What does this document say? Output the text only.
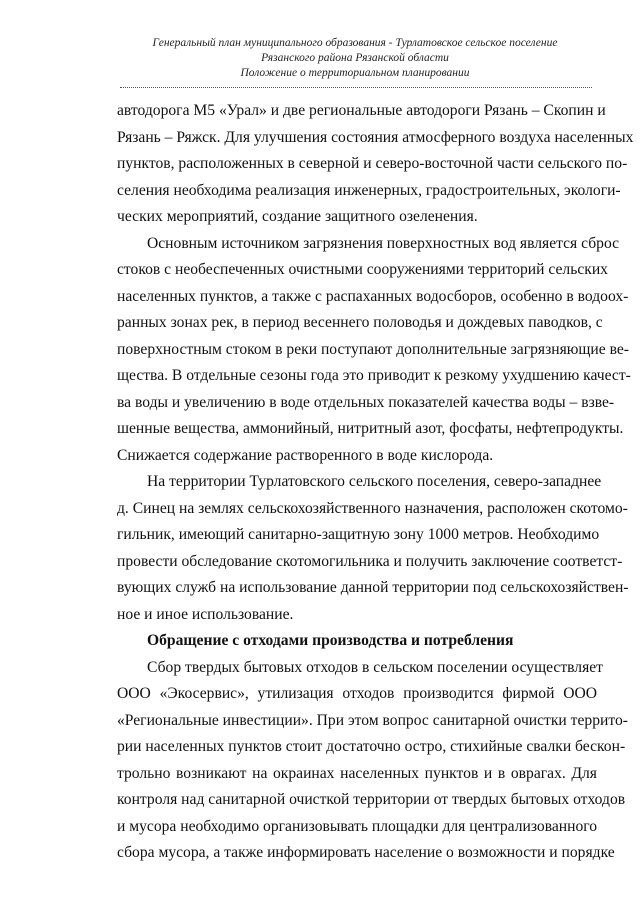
Генеральный план муниципального образования - Турлатовское сельское поселение
Рязанского района Рязанской области
Положение о территориальном планировании
автодорога М5 «Урал» и две региональные автодороги Рязань – Скопин и
Рязань – Ряжск. Для улучшения состояния атмосферного воздуха населенных
пунктов, расположенных в северной и северо-восточной части сельского по-
селения необходима реализация инженерных, градостроительных, экологи-
ческих мероприятий, создание защитного озеленения.
Основным источником загрязнения поверхностных вод является сброс
стоков с необеспеченных очистными сооружениями территорий сельских
населенных пунктов, а также с распаханных водосборов, особенно в водоох-
ранных зонах рек, в период весеннего половодья и дождевых паводков, с
поверхностным стоком в реки поступают дополнительные загрязняющие ве-
щества. В отдельные сезоны года это приводит к резкому ухудшению качест-
ва воды и увеличению в воде отдельных показателей качества воды – взве-
шенные вещества, аммонийный, нитритный азот, фосфаты, нефтепродукты.
Снижается содержание растворенного в воде кислорода.
На территории Турлатовского сельского поселения, северо-западнее
д. Синец на землях сельскохозяйственного назначения, расположен скотомо-
гильник, имеющий санитарно-защитную зону 1000 метров. Необходимо
провести обследование скотомогильника и получить заключение соответст-
вующих служб на использование данной территории под сельскохозяйствен-
ное и иное использование.
Обращение с отходами производства и потребления
Сбор твердых бытовых отходов в сельском поселении осуществляет
ООО «Экосервис», утилизация отходов производится фирмой ООО
«Региональные инвестиции». При этом вопрос санитарной очистки террито-
рии населенных пунктов стоит достаточно остро, стихийные свалки бескон-
трольно возникают на окраинах населенных пунктов и в оврагах. Для
контроля над санитарной очисткой территории от твердых бытовых отходов
и мусора необходимо организовывать площадки для централизованного
сбора мусора, а также информировать население о возможности и порядке
